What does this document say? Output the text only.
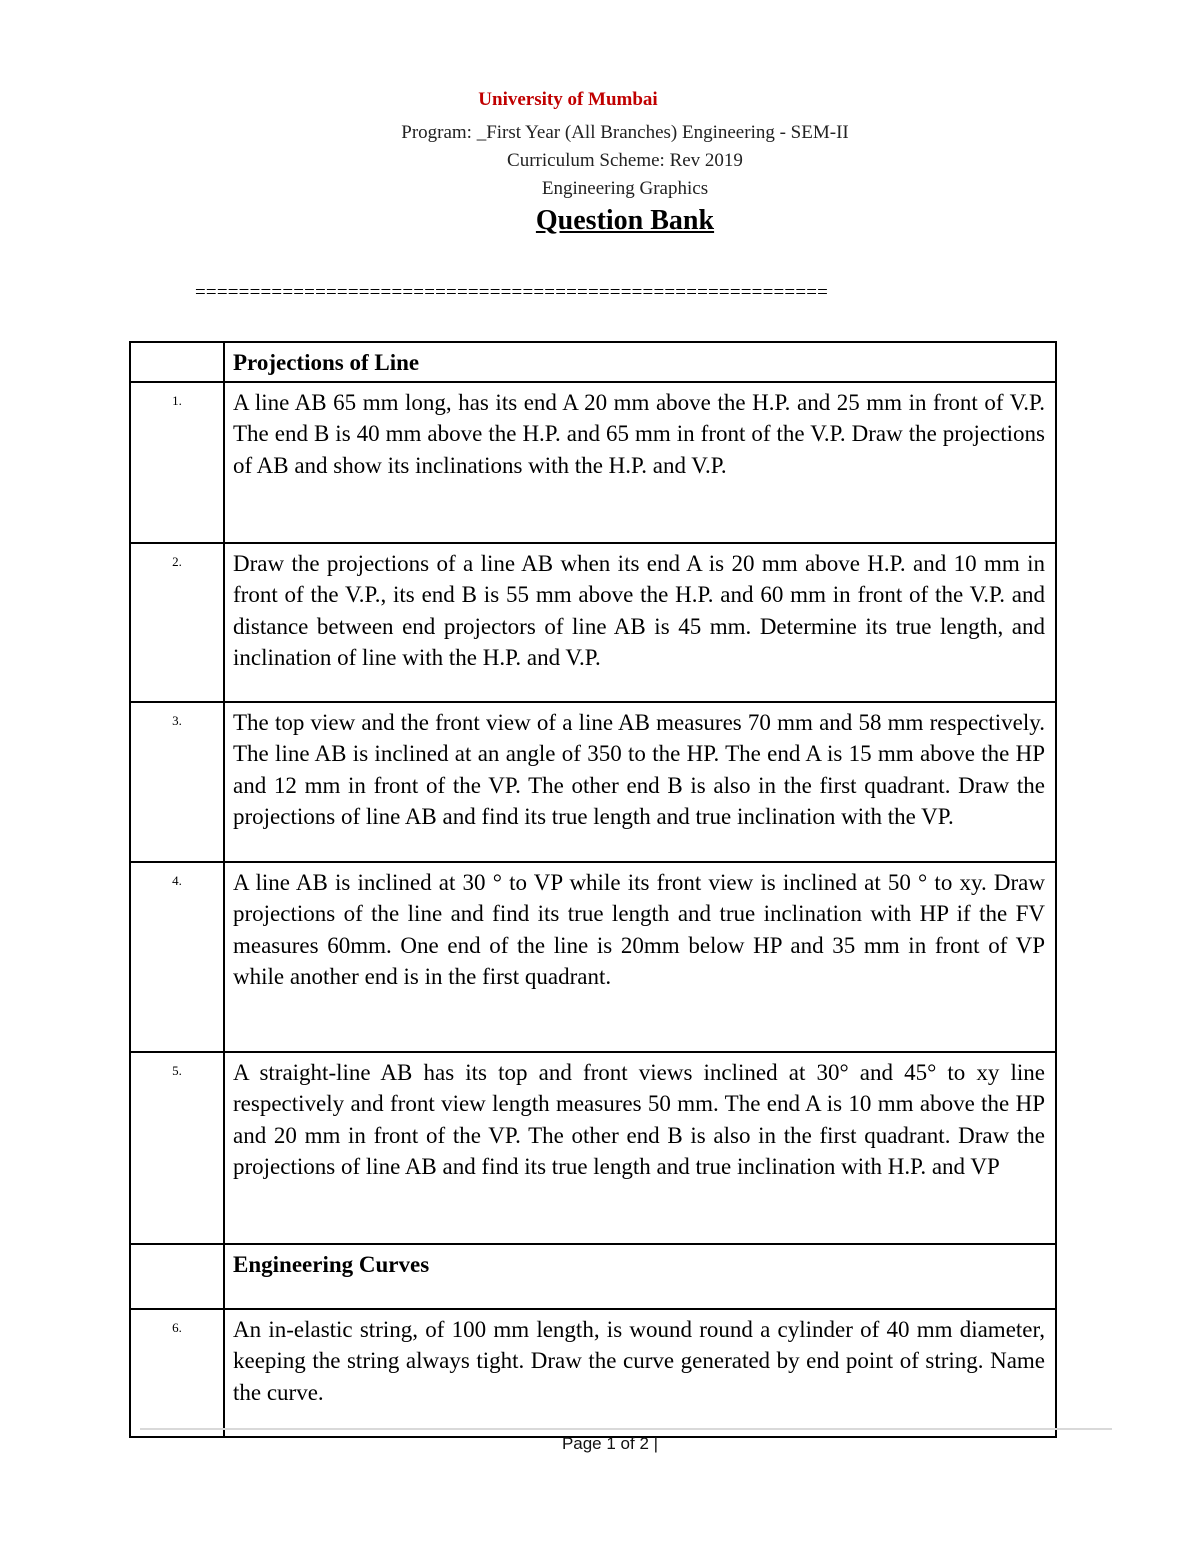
University of Mumbai
Program: _First Year (All Branches) Engineering - SEM-II
Curriculum Scheme: Rev 2019
Engineering Graphics
Question Bank
==========================================================
	Projections of Line
1.	A line AB 65 mm long, has its end A 20 mm above the H.P. and 25 mm in front of V.P. The end B is 40 mm above the H.P. and 65 mm in front of the V.P. Draw the projections of AB and show its inclinations with the H.P. and V.P.
2.	Draw the projections of a line AB when its end A is 20 mm above H.P. and 10 mm in front of the V.P., its end B is 55 mm above the H.P. and 60 mm in front of the V.P. and distance between end projectors of line AB is 45 mm. Determine its true length, and inclination of line with the H.P. and V.P.
3.	The top view and the front view of a line AB measures 70 mm and 58 mm respectively. The line AB is inclined at an angle of 350 to the HP. The end A is 15 mm above the HP and 12 mm in front of the VP. The other end B is also in the first quadrant. Draw the projections of line AB and find its true length and true inclination with the VP.
4.	A line AB is inclined at 30 ° to VP while its front view is inclined at 50 ° to xy. Draw projections of the line and find its true length and true inclination with HP if the FV measures 60mm. One end of the line is 20mm below HP and 35 mm in front of VP while another end is in the first quadrant.
5.	A straight-line AB has its top and front views inclined at 30° and 45° to xy line respectively and front view length measures 50 mm. The end A is 10 mm above the HP and 20 mm in front of the VP. The other end B is also in the first quadrant. Draw the projections of line AB and find its true length and true inclination with H.P. and VP
	Engineering Curves
6.	An in-elastic string, of 100 mm length, is wound round a cylinder of 40 mm diameter, keeping the string always tight. Draw the curve generated by end point of string. Name the curve.
Page 1 of 2 |
